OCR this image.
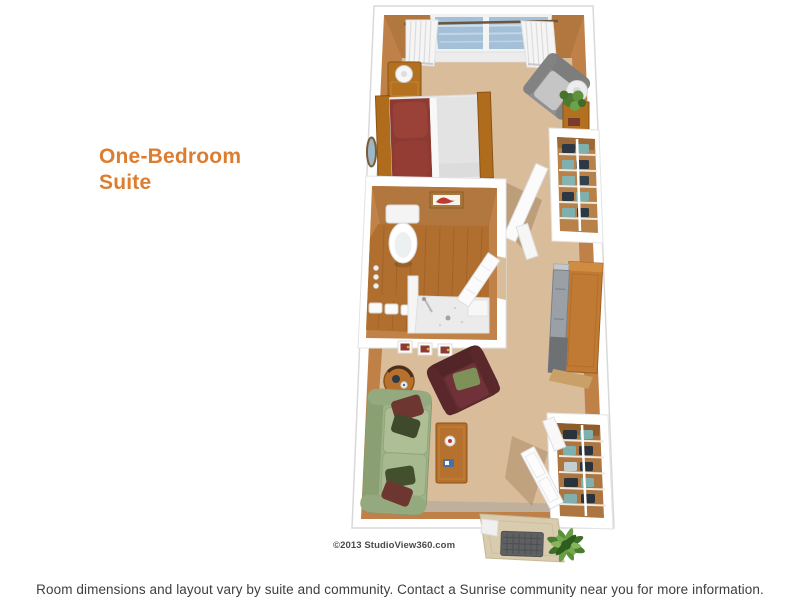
One-Bedroom
Suite
©2013 StudioView360.com
Room dimensions and layout vary by suite and community. Contact a Sunrise community near you for more information.
